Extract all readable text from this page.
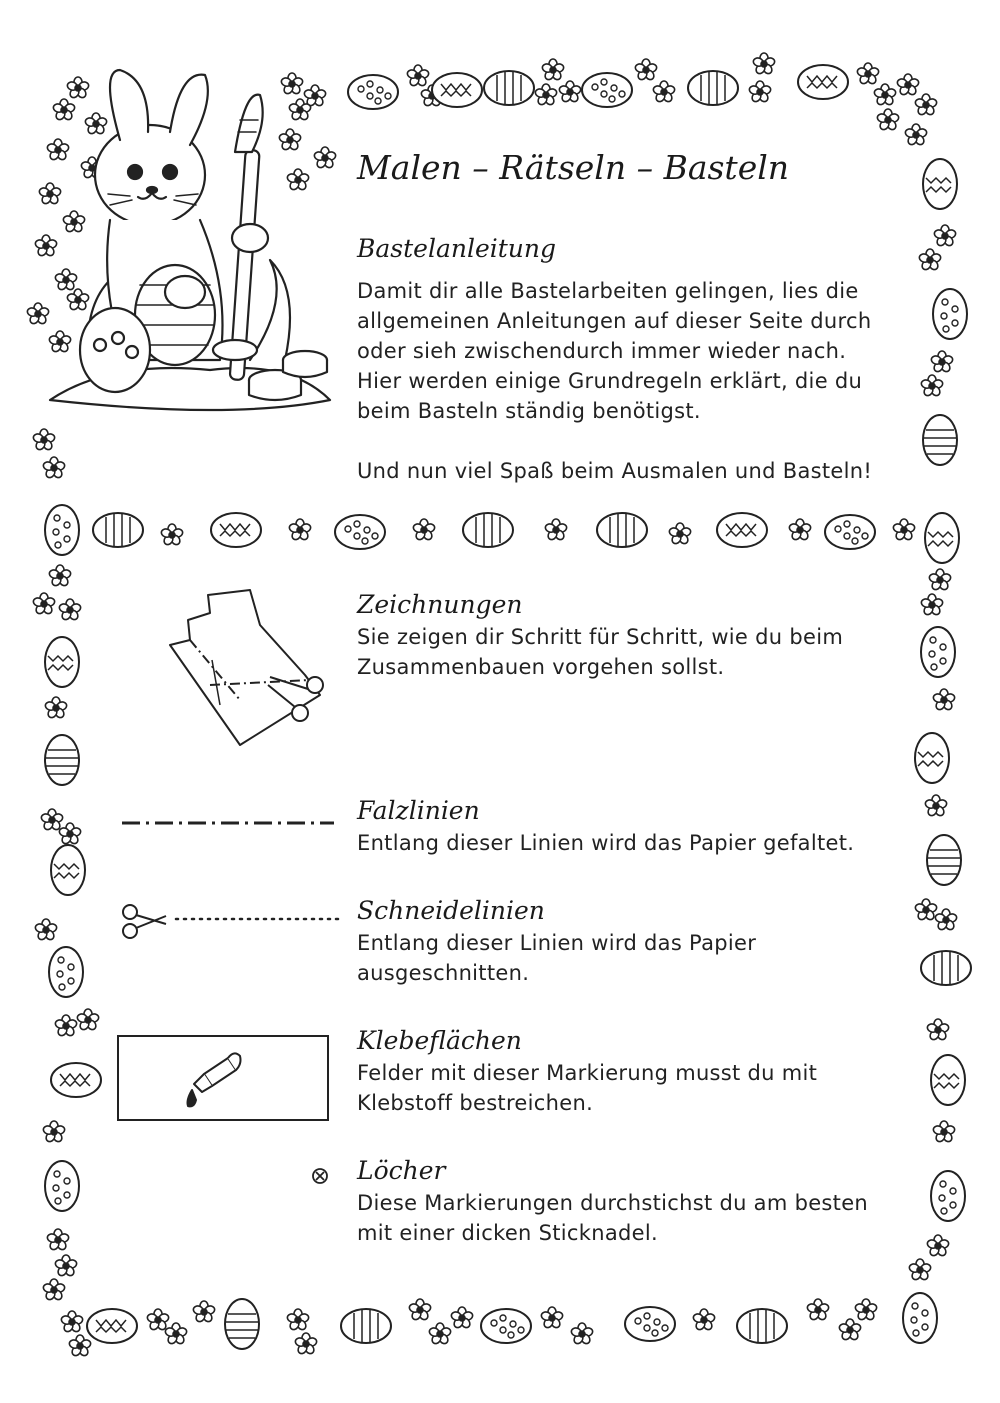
Malen – Rätseln – Basteln
Bastelanleitung

Damit dir alle Bastelarbeiten gelingen, lies die

allgemeinen Anleitungen auf dieser Seite durch

oder sieh zwischendurch immer wieder nach.

Hier werden einige Grundregeln erklärt, die du

beim Basteln ständig benötigst.

Und nun viel Spaß beim Ausmalen und Basteln!

Zeichnungen

Sie zeigen dir Schritt für Schritt, wie du beim

Zusammenbauen vorgehen sollst.

Falzlinien

Entlang dieser Linien wird das Papier gefaltet.

Schneidelinien

Entlang dieser Linien wird das Papier

ausgeschnitten.

Klebeflächen

Felder mit dieser Markierung musst du mit

Klebstoff bestreichen.

Löcher

Diese Markierungen durchstichst du am besten

mit einer dicken Sticknadel.
